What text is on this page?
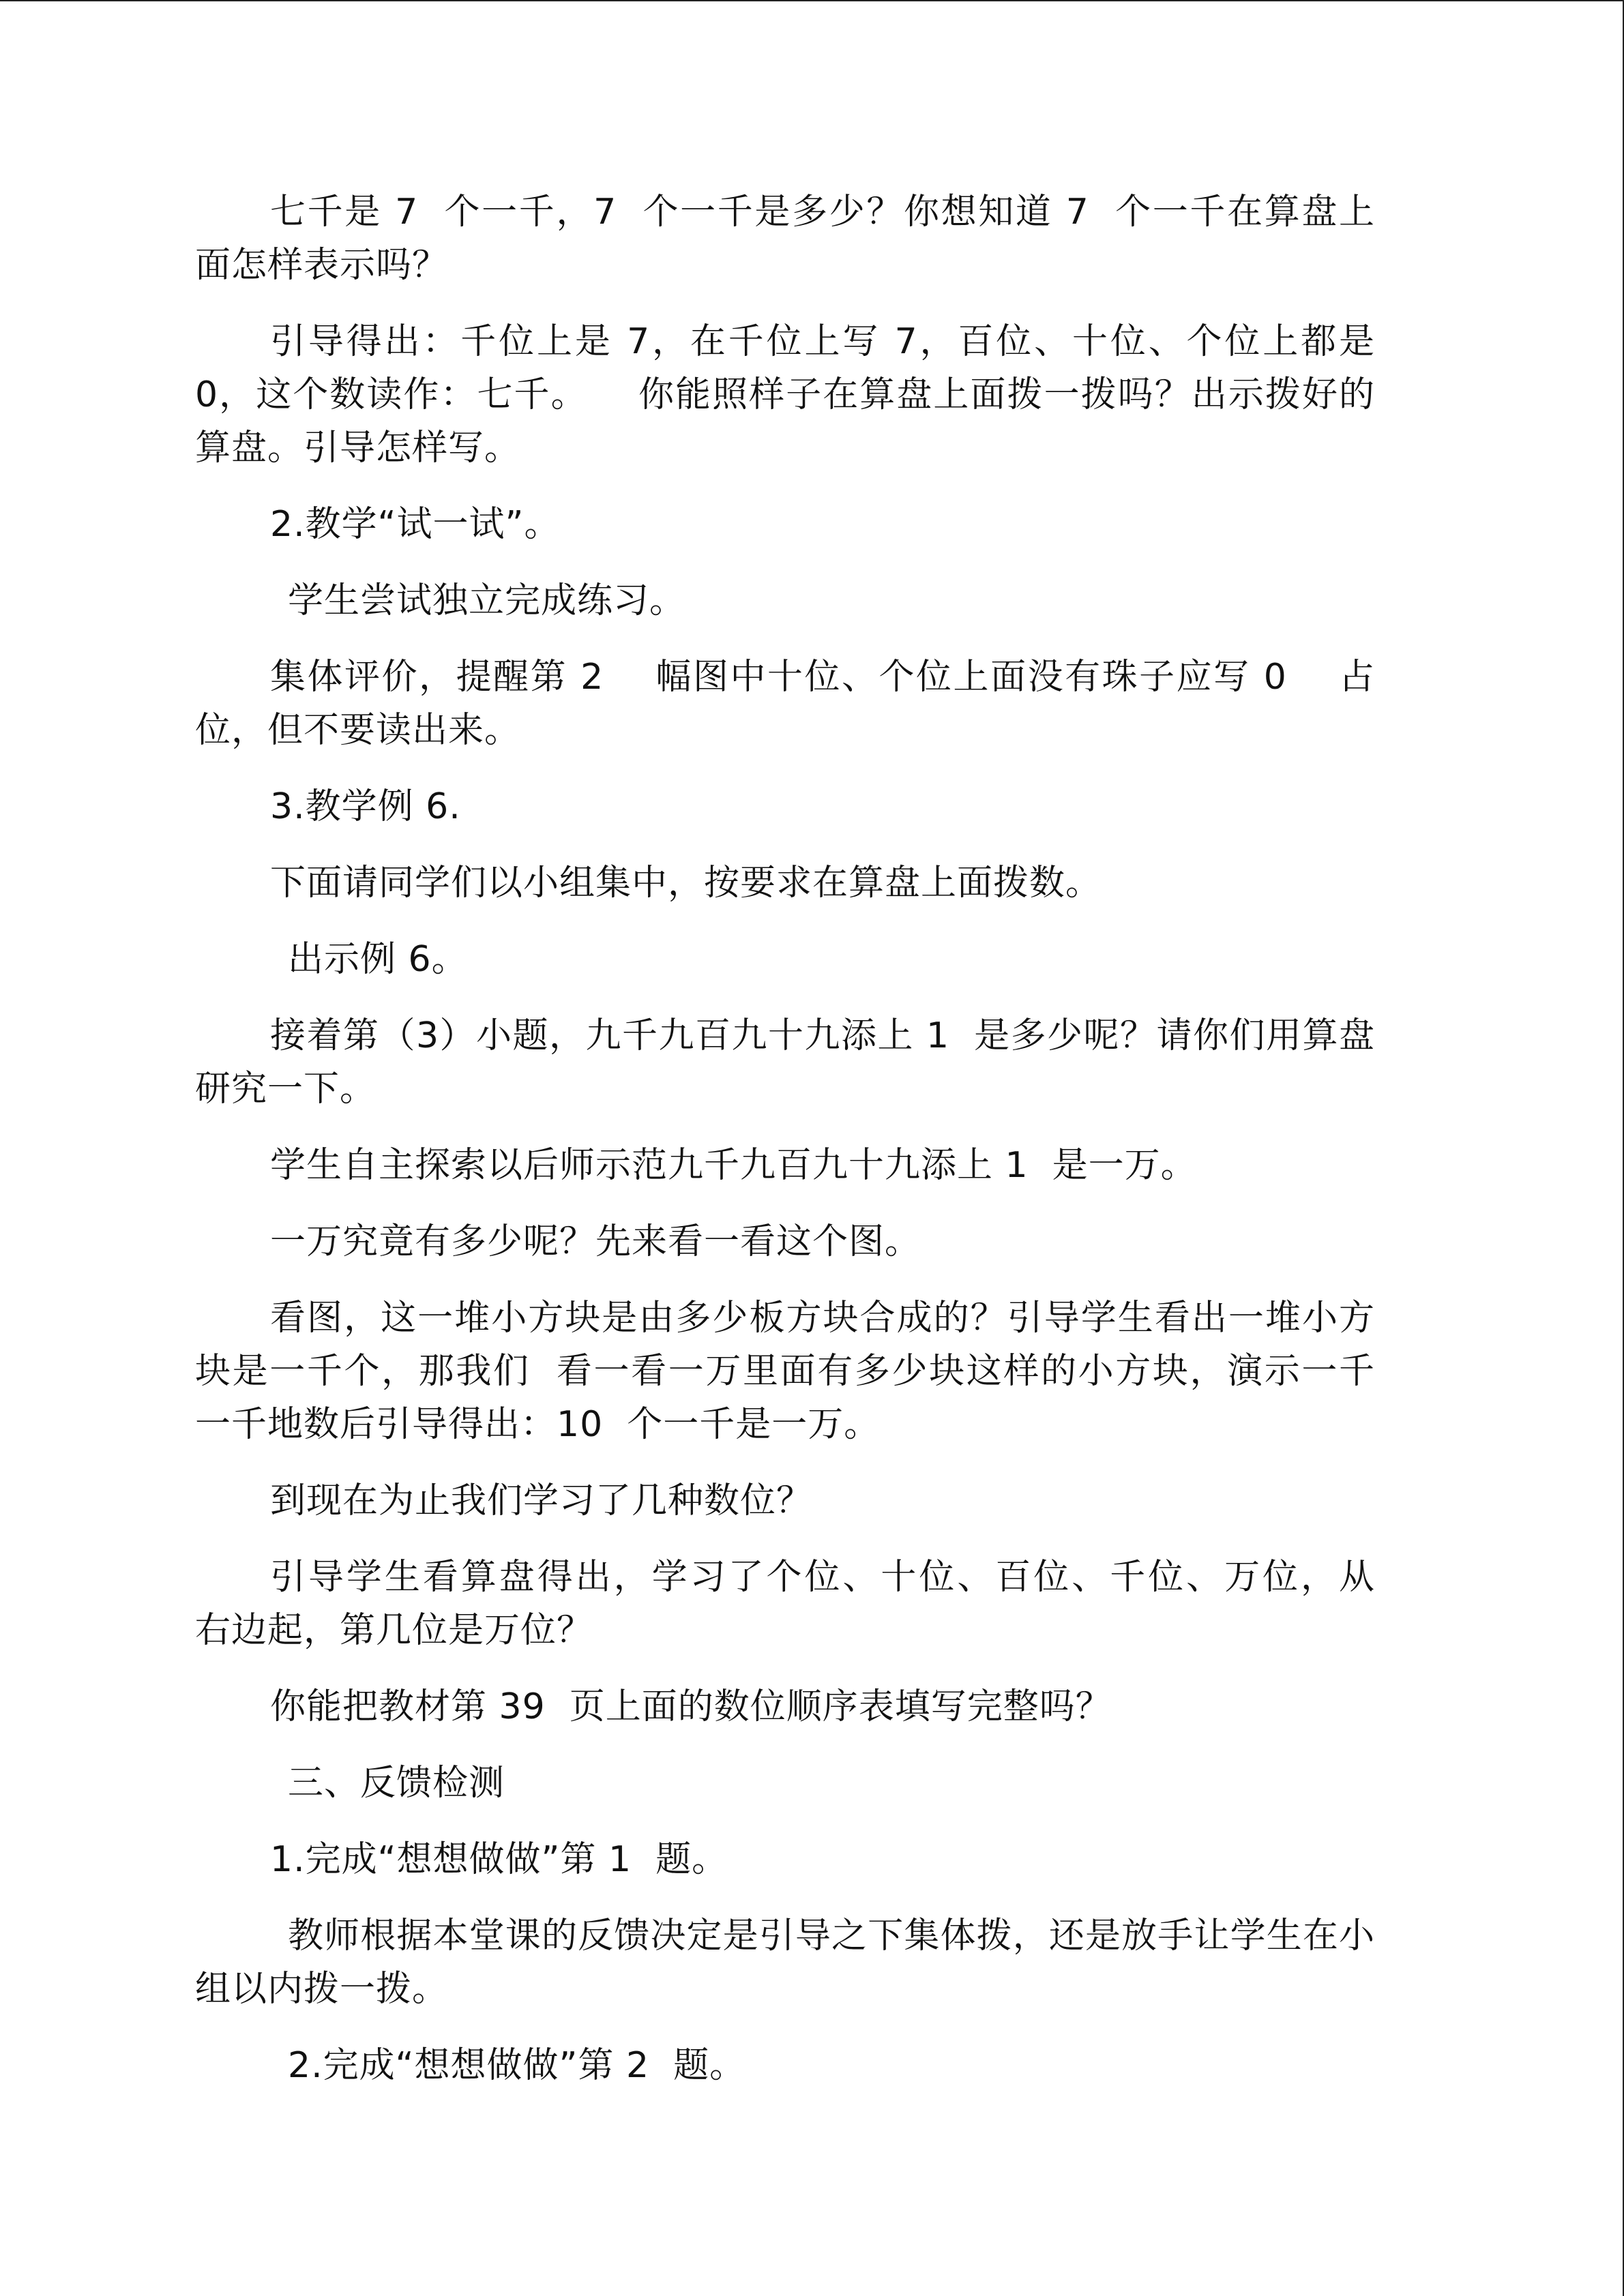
七千是 7  个一千，7  个一千是多少？你想知道 7  个一千在算盘上面怎样表示吗？

引导得出：千位上是 7，在千位上写 7，百位、十位、个位上都是 0，这个数读作：七千。    你能照样子在算盘上面拨一拨吗？出示拨好的算盘。引导怎样写。

2.教学“试一试”。

学生尝试独立完成练习。

集体评价，提醒第 2    幅图中十位、个位上面没有珠子应写 0    占位，但不要读出来。

3.教学例 6.

下面请同学们以小组集中，按要求在算盘上面拨数。

出示例 6。

接着第（3）小题，九千九百九十九添上 1  是多少呢？请你们用算盘研究一下。

学生自主探索以后师示范九千九百九十九添上 1  是一万。

一万究竟有多少呢？先来看一看这个图。

看图，这一堆小方块是由多少板方块合成的？引导学生看出一堆小方块是一千个，那我们  看一看一万里面有多少块这样的小方块，演示一千一千地数后引导得出：10  个一千是一万。

到现在为止我们学习了几种数位？

引导学生看算盘得出，学习了个位、十位、百位、千位、万位，从  右边起，第几位是万位？

你能把教材第 39  页上面的数位顺序表填写完整吗？

三、反馈检测

1.完成“想想做做”第 1  题。

教师根据本堂课的反馈决定是引导之下集体拨，还是放手让学生在小组以内拨一拨。

2.完成“想想做做”第 2  题。
